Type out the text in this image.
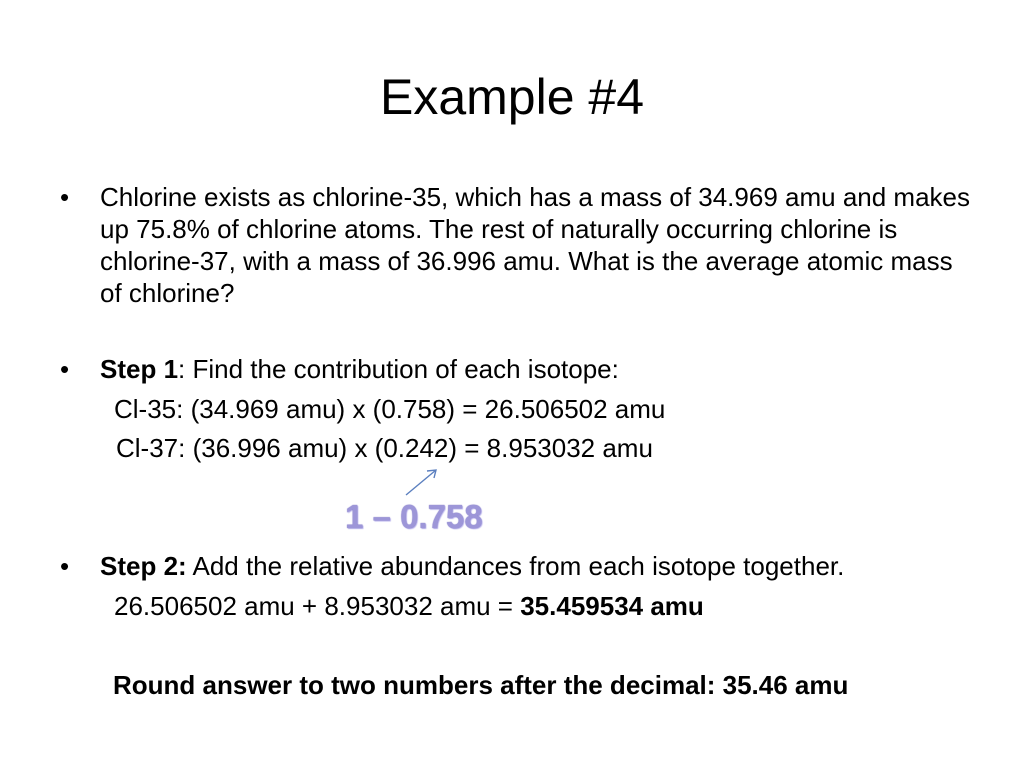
Example #4
•	Chlorine exists as chlorine-35, which has a mass of 34.969 amu and makes up 75.8% of chlorine atoms. The rest of naturally occurring chlorine is chlorine-37, with a mass of 36.996 amu. What is the average atomic mass of chlorine?
•	Step 1: Find the contribution of each isotope:
Cl-35: (34.969 amu) x (0.758) = 26.506502 amu
Cl-37: (36.996 amu) x (0.242) = 8.953032 amu
1 – 0.758
•	Step 2: Add the relative abundances from each isotope together.
26.506502 amu + 8.953032 amu = 35.459534 amu
Round answer to two numbers after the decimal: 35.46 amu
